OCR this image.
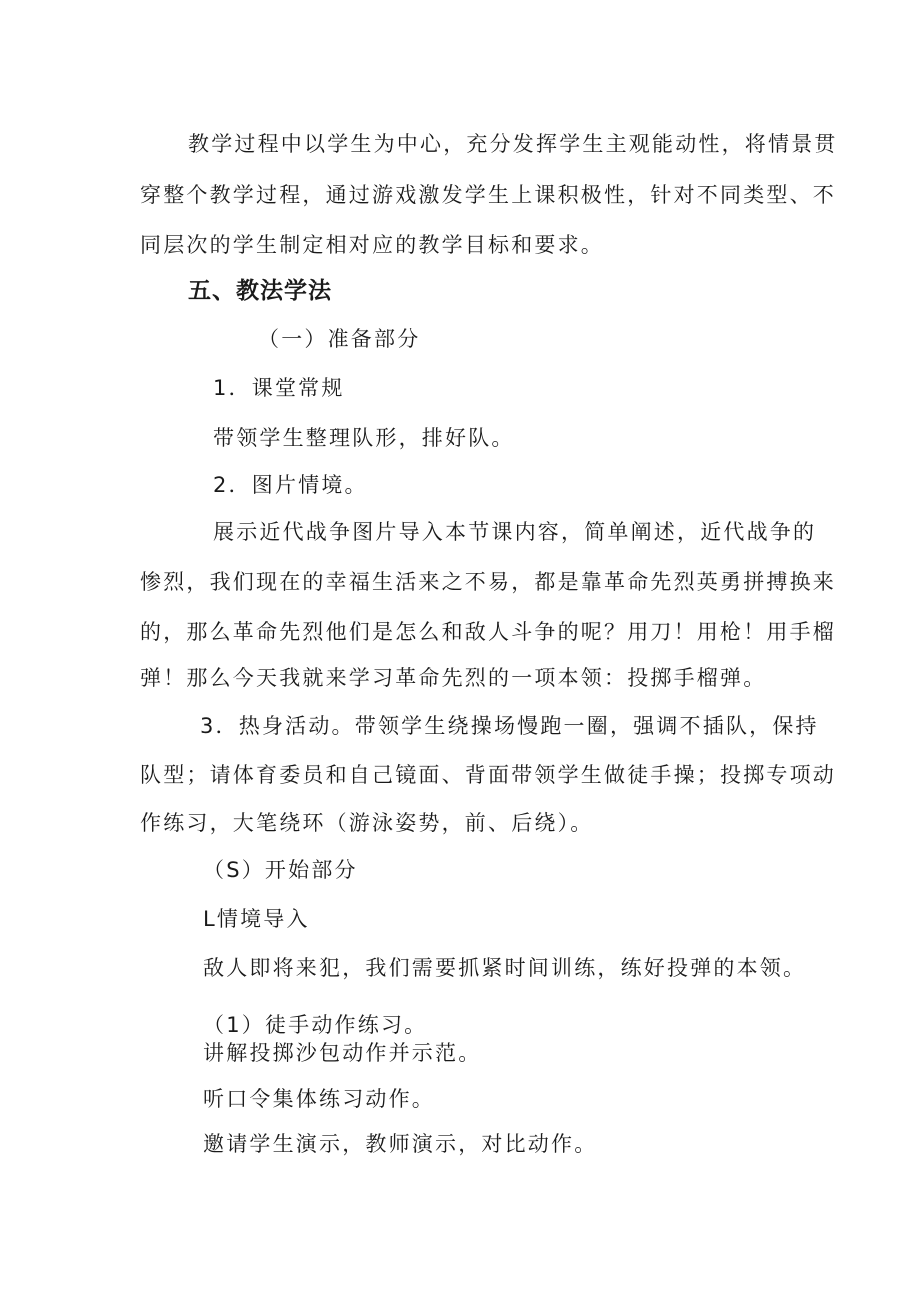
教学过程中以学生为中心，充分发挥学生主观能动性，将情景贯
穿整个教学过程，通过游戏激发学生上课积极性，针对不同类型、不
同层次的学生制定相对应的教学目标和要求。
五、教法学法
（一）准备部分
1．课堂常规
带领学生整理队形，排好队。
2．图片情境。
展示近代战争图片导入本节课内容，简单阐述，近代战争的
惨烈，我们现在的幸福生活来之不易，都是靠革命先烈英勇拼搏换来
的，那么革命先烈他们是怎么和敌人斗争的呢？用刀！用枪！用手榴
弹！那么今天我就来学习革命先烈的一项本领：投掷手榴弹。
3．热身活动。带领学生绕操场慢跑一圈，强调不插队，保持
队型；请体育委员和自己镜面、背面带领学生做徒手操；投掷专项动
作练习，大笔绕环（游泳姿势，前、后绕）。
（S）开始部分
L情境导入
敌人即将来犯，我们需要抓紧时间训练，练好投弹的本领。
（1）徒手动作练习。
讲解投掷沙包动作并示范。
听口令集体练习动作。
邀请学生演示，教师演示，对比动作。
